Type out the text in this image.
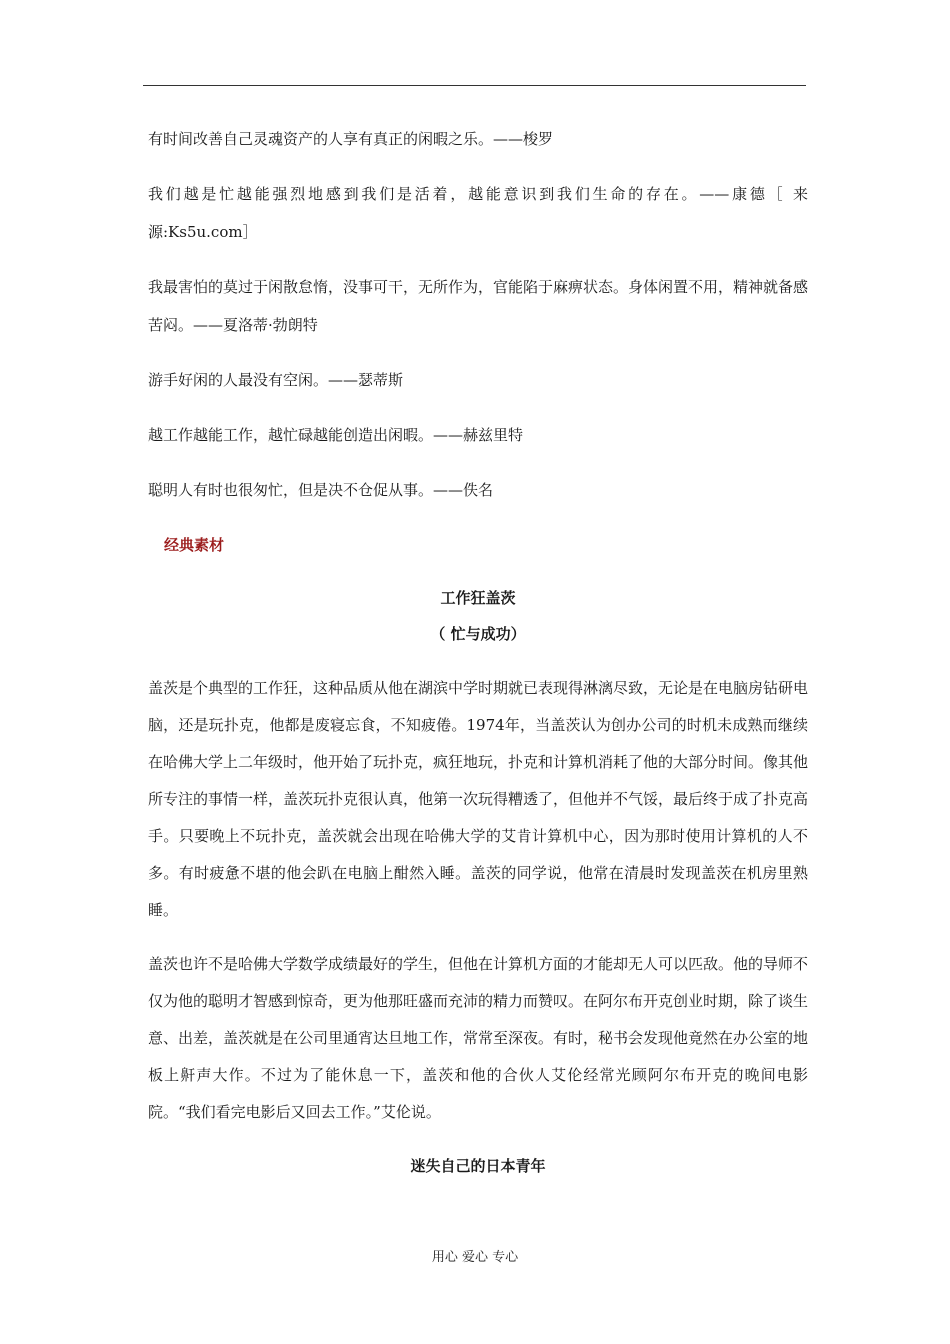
有时间改善自己灵魂资产的人享有真正的闲暇之乐。——梭罗

我们越是忙越能强烈地感到我们是活着，越能意识到我们生命的存在。——康德［ 来源:Ks5u.com］

我最害怕的莫过于闲散怠惰，没事可干，无所作为，官能陷于麻痹状态。身体闲置不用，精神就备感苦闷。——夏洛蒂·勃朗特

游手好闲的人最没有空闲。——瑟蒂斯

越工作越能工作，越忙碌越能创造出闲暇。——赫兹里特

聪明人有时也很匆忙，但是决不仓促从事。——佚名

经典素材

工作狂盖茨

（ 忙与成功）

盖茨是个典型的工作狂，这种品质从他在湖滨中学时期就已表现得淋漓尽致，无论是在电脑房钻研电脑，还是玩扑克，他都是废寝忘食，不知疲倦。1974年，当盖茨认为创办公司的时机未成熟而继续在哈佛大学上二年级时，他开始了玩扑克，疯狂地玩，扑克和计算机消耗了他的大部分时间。像其他所专注的事情一样，盖茨玩扑克很认真，他第一次玩得糟透了，但他并不气馁，最后终于成了扑克高手。只要晚上不玩扑克，盖茨就会出现在哈佛大学的艾肯计算机中心，因为那时使用计算机的人不多。有时疲惫不堪的他会趴在电脑上酣然入睡。盖茨的同学说，他常在清晨时发现盖茨在机房里熟睡。

盖茨也许不是哈佛大学数学成绩最好的学生，但他在计算机方面的才能却无人可以匹敌。他的导师不仅为他的聪明才智感到惊奇，更为他那旺盛而充沛的精力而赞叹。在阿尔布开克创业时期，除了谈生意、出差，盖茨就是在公司里通宵达旦地工作，常常至深夜。有时，秘书会发现他竟然在办公室的地板上鼾声大作。不过为了能休息一下，盖茨和他的合伙人艾伦经常光顾阿尔布开克的晚间电影院。“我们看完电影后又回去工作。”艾伦说。

迷失自己的日本青年

用心 爱心 专心
